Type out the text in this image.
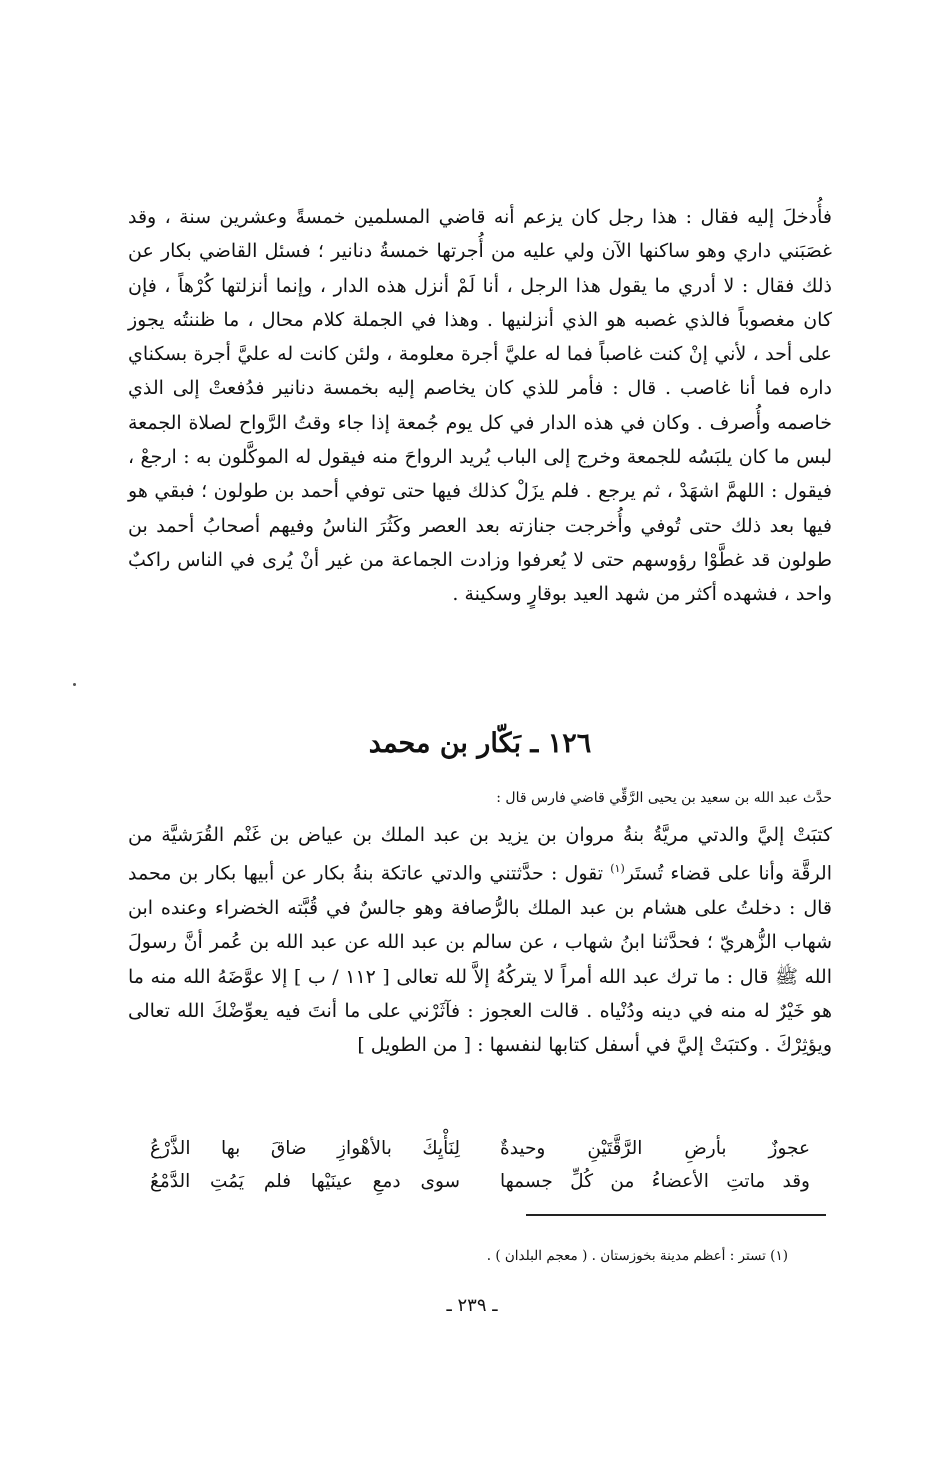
فأُدخلَ إليه فقال : هذا رجل كان يزعم أنه قاضي المسلمين خمسةً وعشرين سنة ، وقد غصَبَني داري وهو ساكنها الآن ولي عليه من أُجرتها خمسةُ دنانير ؛ فسئل القاضي بكار عن ذلك فقال : لا أدري ما يقول هذا الرجل ، أنا لَمْ أنزل هذه الدار ، وإنما أنزلتها كُرْهاً ، فإن كان مغصوباً فالذي غصبه هو الذي أنزلنيها . وهذا في الجملة كلام محال ، ما ظننتُه يجوز على أحد ، لأني إنْ كنت غاصباً فما له عليَّ أجرة معلومة ، ولئن كانت له عليَّ أجرة بسكناي داره فما أنا غاصب . قال : فأمر للذي كان يخاصم إليه بخمسة دنانير فدُفعتْ إلى الذي خاصمه وأُصرف . وكان في هذه الدار في كل يوم جُمعة إذا جاء وقتُ الرَّواح لصلاة الجمعة لبس ما كان يلبَسُه للجمعة وخرج إلى الباب يُريد الرواحَ منه فيقول له الموكَّلون به : ارجعْ ، فيقول : اللهمَّ اشهَدْ ، ثم يرجع . فلم يزَلْ كذلك فيها حتى توفي أحمد بن طولون ؛ فبقي هو فيها بعد ذلك حتى تُوفي وأُخرجت جنازته بعد العصر وكَثُرَ الناسُ وفيهم أصحابُ أحمد بن طولون قد غطَّوْا رؤوسهم حتى لا يُعرفوا وزادت الجماعة من غير أنْ يُرى في الناس راكبٌ واحد ، فشهده أكثر من شهد العيد بوقارٍ وسكينة .

١٢٦ ـ بَكّار بن محمد
حدَّث عبد الله بن سعيد بن يحيى الرَّقِّي قاضي فارس قال :

كتبَتْ إليَّ والدتي مريَّةُ بنةُ مروان بن يزيد بن عبد الملك بن عياض بن غَنْم القُرَشيَّة من الرقَّة وأنا على قضاء تُستَر$^{(١)}$ تقول : حدَّثتني والدتي عاتكة بنةُ بكار عن أبيها بكار بن محمد قال : دخلتُ على هشام بن عبد الملك بالرُّصافة وهو جالسٌ في قُبَّته الخضراء وعنده ابن شهاب الزُّهريّ ؛ فحدَّثنا ابنُ شهاب ، عن سالم بن عبد الله عن عبد الله بن عُمر أنَّ رسولَ الله ﷺ قال : ما ترك عبد الله أمراً لا يتركُهُ إلاَّ لله تعالى [ ١١٢ / ب ] إلا عوَّضَهُ الله منه ما هو خَيْرٌ له منه في دينه ودُنْياه . قالت العجوز : فآثَرْني على ما أنتَ فيه يعوِّضْكَ الله تعالى ويؤثِرْكَ . وكتبَتْ إليَّ في أسفل كتابها لنفسها : [ من الطويل ]

عجوزٌ بأرضِ الرَّقَّتَيْنِ وحيدةٌ
لِنَأْيِكَ بالأهْوازِ ضاقَ بها الذَّرْعُ
وقد ماتتِ الأعضاءُ من كُلِّ جسمها
سوى دمعِ عينَيْها فلم يَمُتِ الدَّمْعُ
(١) تستر : أعظم مدينة بخوزستان . ( معجم البلدان ) .
ـ ٢٣٩ ـ
